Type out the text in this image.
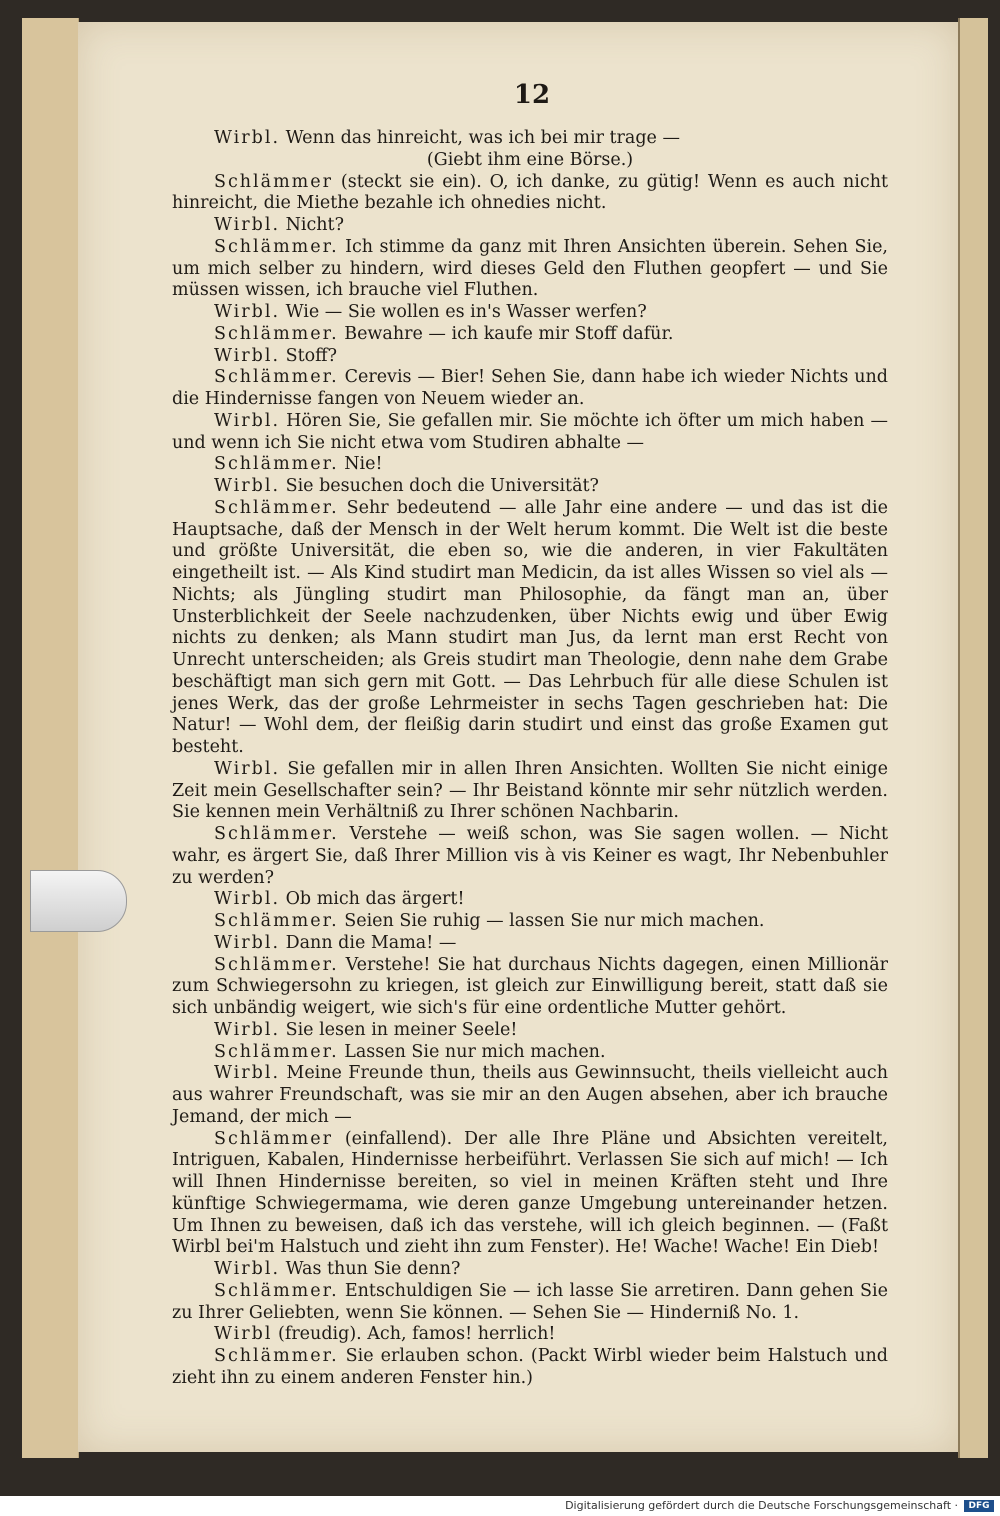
12

Wirbl. Wenn das hinreicht, was ich bei mir trage —

(Giebt ihm eine Börse.)

Schlämmer (steckt sie ein). O, ich danke, zu gütig! Wenn es auch nicht hinreicht, die Miethe bezahle ich ohnedies nicht.

Wirbl. Nicht?

Schlämmer. Ich stimme da ganz mit Ihren Ansichten überein. Sehen Sie, um mich selber zu hindern, wird dieses Geld den Fluthen geopfert — und Sie müssen wissen, ich brauche viel Fluthen.

Wirbl. Wie — Sie wollen es in's Wasser werfen?

Schlämmer. Bewahre — ich kaufe mir Stoff dafür.

Wirbl. Stoff?

Schlämmer. Cerevis — Bier! Sehen Sie, dann habe ich wieder Nichts und die Hindernisse fangen von Neuem wieder an.

Wirbl. Hören Sie, Sie gefallen mir. Sie möchte ich öfter um mich haben — und wenn ich Sie nicht etwa vom Studiren abhalte —

Schlämmer. Nie!

Wirbl. Sie besuchen doch die Universität?

Schlämmer. Sehr bedeutend — alle Jahr eine andere — und das ist die Hauptsache, daß der Mensch in der Welt herum kommt. Die Welt ist die beste und größte Universität, die eben so, wie die anderen, in vier Fakultäten eingetheilt ist. — Als Kind studirt man Medicin, da ist alles Wissen so viel als — Nichts; als Jüngling studirt man Philosophie, da fängt man an, über Unsterblichkeit der Seele nachzudenken, über Nichts ewig und über Ewig nichts zu denken; als Mann studirt man Jus, da lernt man erst Recht von Unrecht unterscheiden; als Greis studirt man Theologie, denn nahe dem Grabe beschäftigt man sich gern mit Gott. — Das Lehrbuch für alle diese Schulen ist jenes Werk, das der große Lehrmeister in sechs Tagen geschrieben hat: Die Natur! — Wohl dem, der fleißig darin studirt und einst das große Examen gut besteht.

Wirbl. Sie gefallen mir in allen Ihren Ansichten. Wollten Sie nicht einige Zeit mein Gesellschafter sein? — Ihr Beistand könnte mir sehr nützlich werden. Sie kennen mein Verhältniß zu Ihrer schönen Nachbarin.

Schlämmer. Verstehe — weiß schon, was Sie sagen wollen. — Nicht wahr, es ärgert Sie, daß Ihrer Million vis à vis Keiner es wagt, Ihr Nebenbuhler zu werden?

Wirbl. Ob mich das ärgert!

Schlämmer. Seien Sie ruhig — lassen Sie nur mich machen.

Wirbl. Dann die Mama! —

Schlämmer. Verstehe! Sie hat durchaus Nichts dagegen, einen Millionär zum Schwiegersohn zu kriegen, ist gleich zur Einwilligung bereit, statt daß sie sich unbändig weigert, wie sich's für eine ordentliche Mutter gehört.

Wirbl. Sie lesen in meiner Seele!

Schlämmer. Lassen Sie nur mich machen.

Wirbl. Meine Freunde thun, theils aus Gewinnsucht, theils vielleicht auch aus wahrer Freundschaft, was sie mir an den Augen absehen, aber ich brauche Jemand, der mich —

Schlämmer (einfallend). Der alle Ihre Pläne und Absichten vereitelt, Intriguen, Kabalen, Hindernisse herbeiführt. Verlassen Sie sich auf mich! — Ich will Ihnen Hindernisse bereiten, so viel in meinen Kräften steht und Ihre künftige Schwiegermama, wie deren ganze Umgebung untereinander hetzen. Um Ihnen zu beweisen, daß ich das verstehe, will ich gleich beginnen. — (Faßt Wirbl bei'm Halstuch und zieht ihn zum Fenster). He! Wache! Wache! Ein Dieb!

Wirbl. Was thun Sie denn?

Schlämmer. Entschuldigen Sie — ich lasse Sie arretiren. Dann gehen Sie zu Ihrer Geliebten, wenn Sie können. — Sehen Sie — Hinderniß No. 1.

Wirbl (freudig). Ach, famos! herrlich!

Schlämmer. Sie erlauben schon. (Packt Wirbl wieder beim Halstuch und zieht ihn zu einem anderen Fenster hin.)

Digitalisierung gefördert durch die Deutsche Forschungsgemeinschaft ·	DFG
